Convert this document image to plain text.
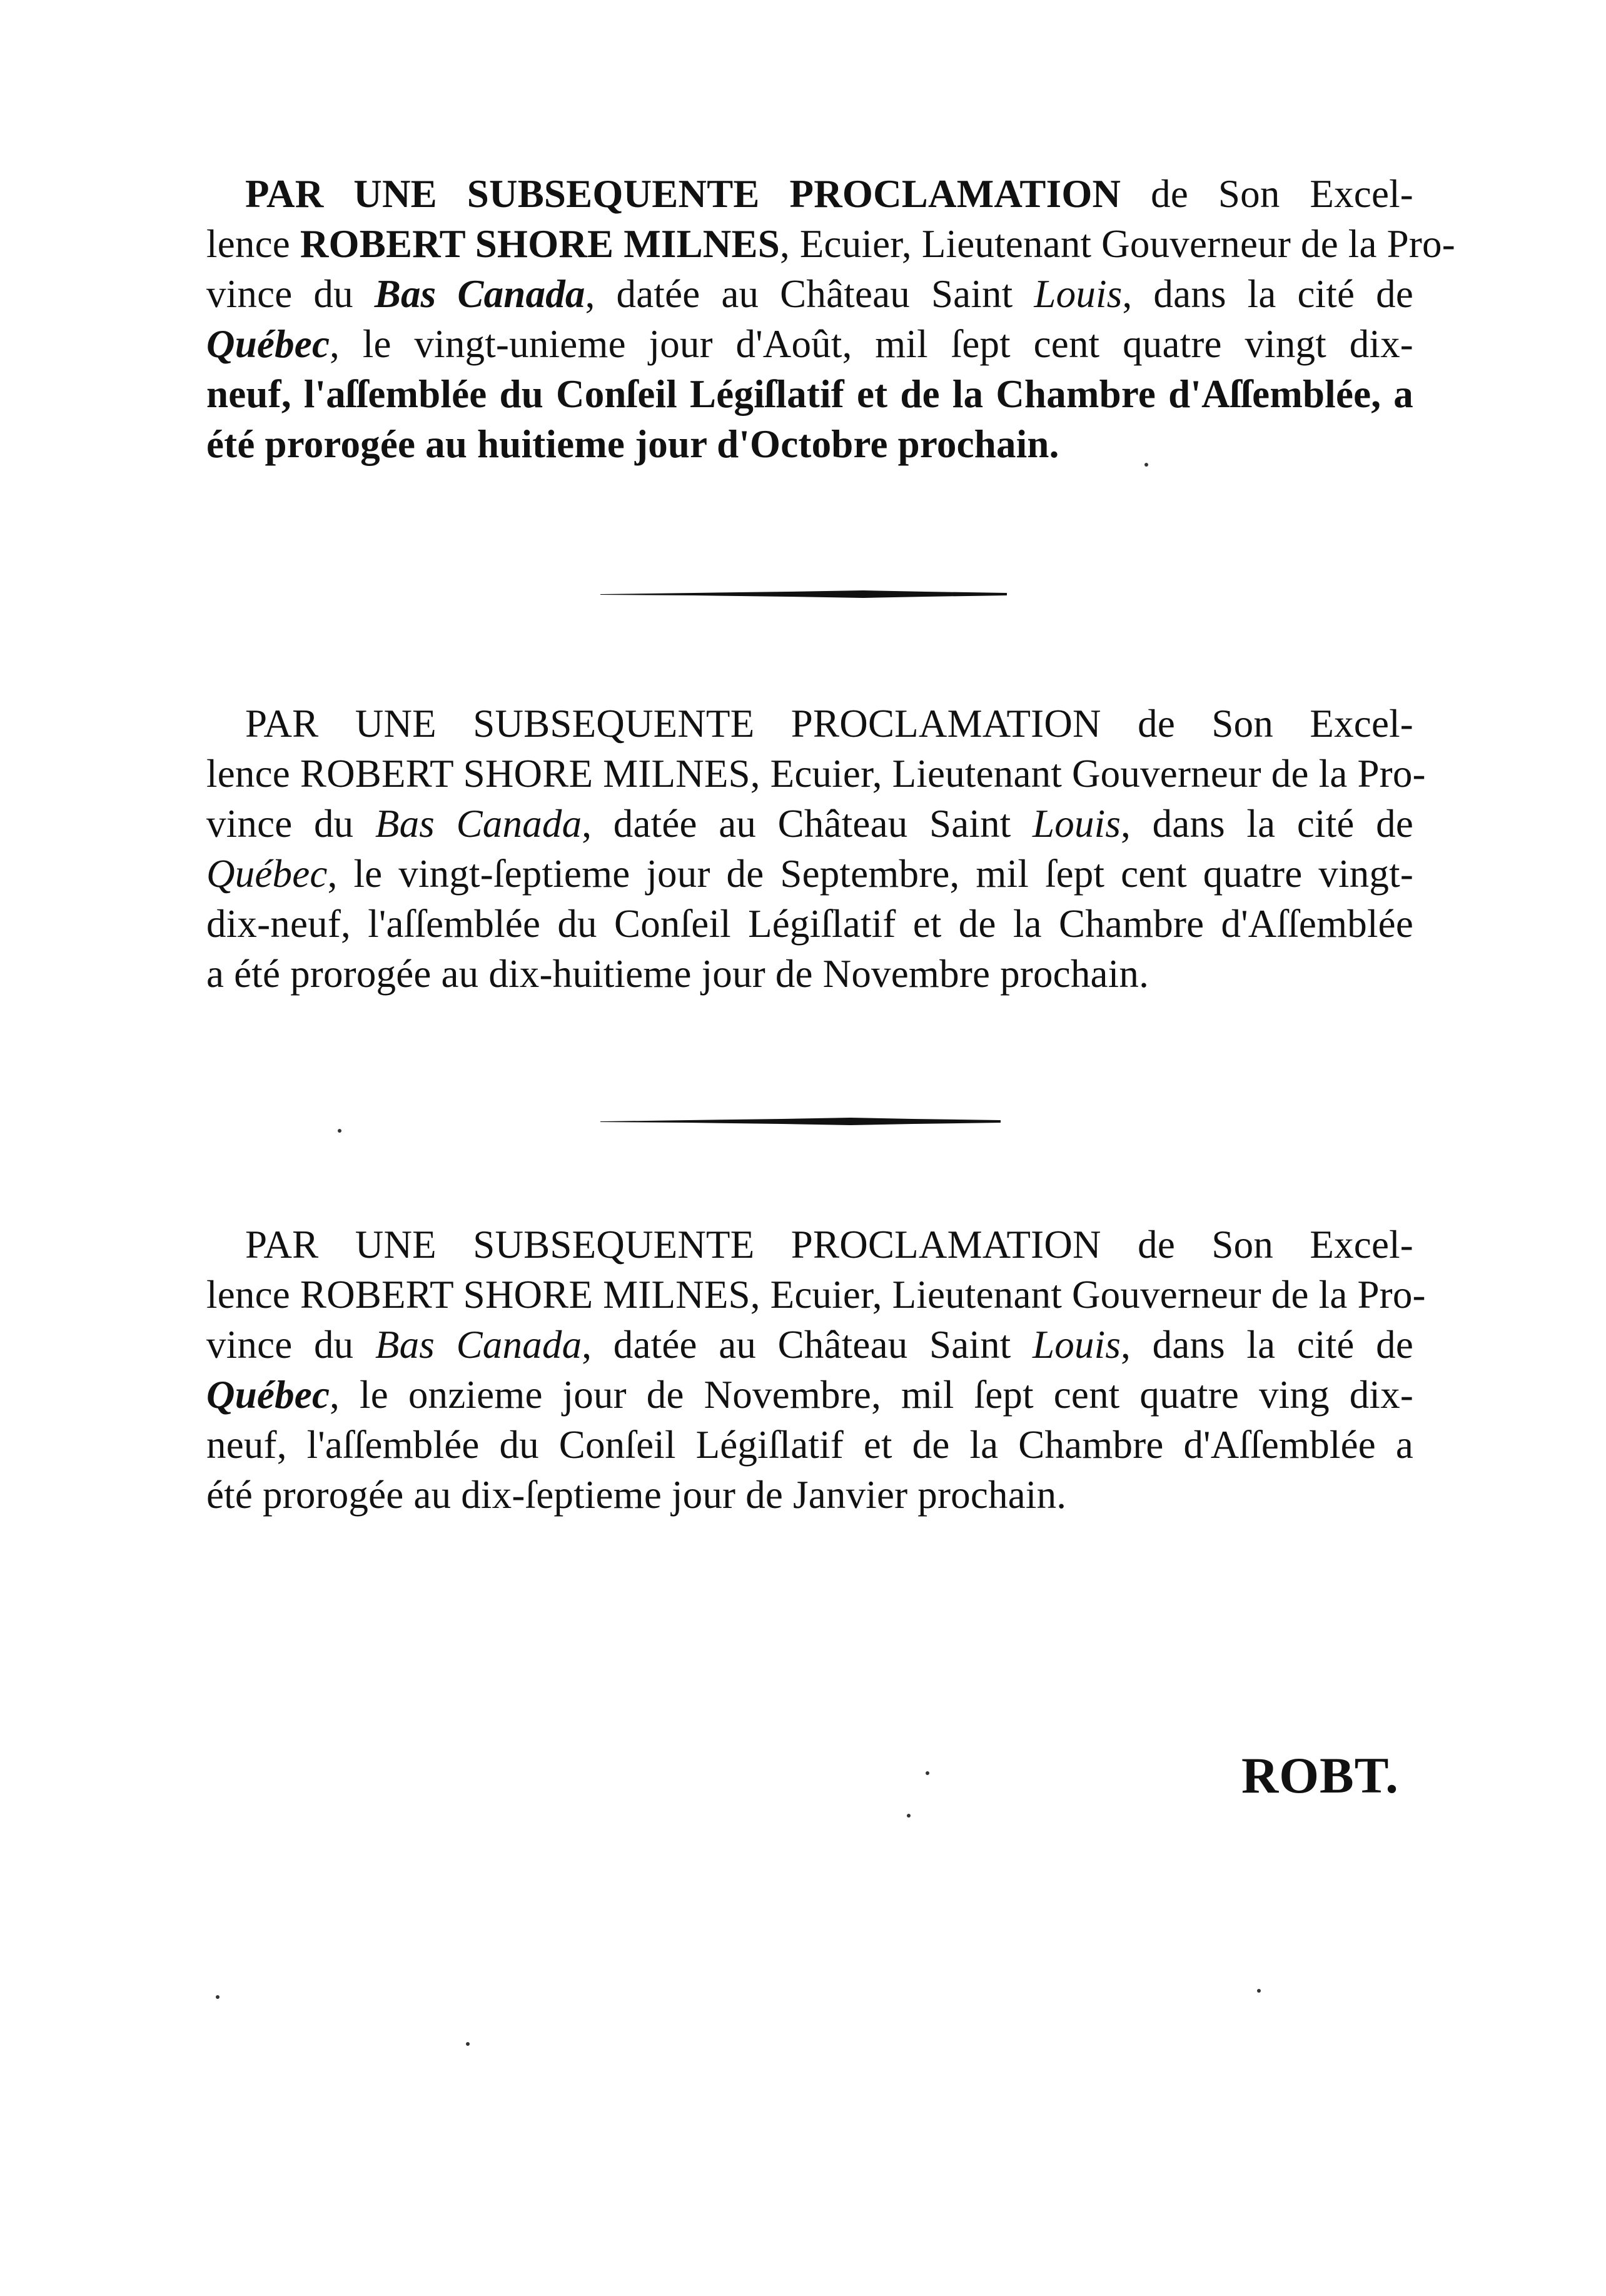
PAR UNE SUBSEQUENTE PROCLAMATION de Son Excel-
lence ROBERT SHORE MILNES, Ecuier, Lieutenant Gouverneur de la Pro-
vince du Bas Canada, datée au Château Saint Louis, dans la cité de
Québec, le vingt-unieme jour d'Août, mil ſept cent quatre vingt dix-
neuf, l'aſſemblée du Conſeil Légiſlatif et de la Chambre d'Aſſemblée, a
été prorogée au huitieme jour d'Octobre prochain.
PAR UNE SUBSEQUENTE PROCLAMATION de Son Excel-
lence ROBERT SHORE MILNES, Ecuier, Lieutenant Gouverneur de la Pro-
vince du Bas Canada, datée au Château Saint Louis, dans la cité de
Québec, le vingt-ſeptieme jour de Septembre, mil ſept cent quatre vingt-
dix-neuf, l'aſſemblée du Conſeil Légiſlatif et de la Chambre d'Aſſemblée
a été prorogée au dix-huitieme jour de Novembre prochain.
PAR UNE SUBSEQUENTE PROCLAMATION de Son Excel-
lence ROBERT SHORE MILNES, Ecuier, Lieutenant Gouverneur de la Pro-
vince du Bas Canada, datée au Château Saint Louis, dans la cité de
Québec, le onzieme jour de Novembre, mil ſept cent quatre ving dix-
neuf, l'aſſemblée du Conſeil Légiſlatif et de la Chambre d'Aſſemblée a
été prorogée au dix-ſeptieme jour de Janvier prochain.
ROBT.
